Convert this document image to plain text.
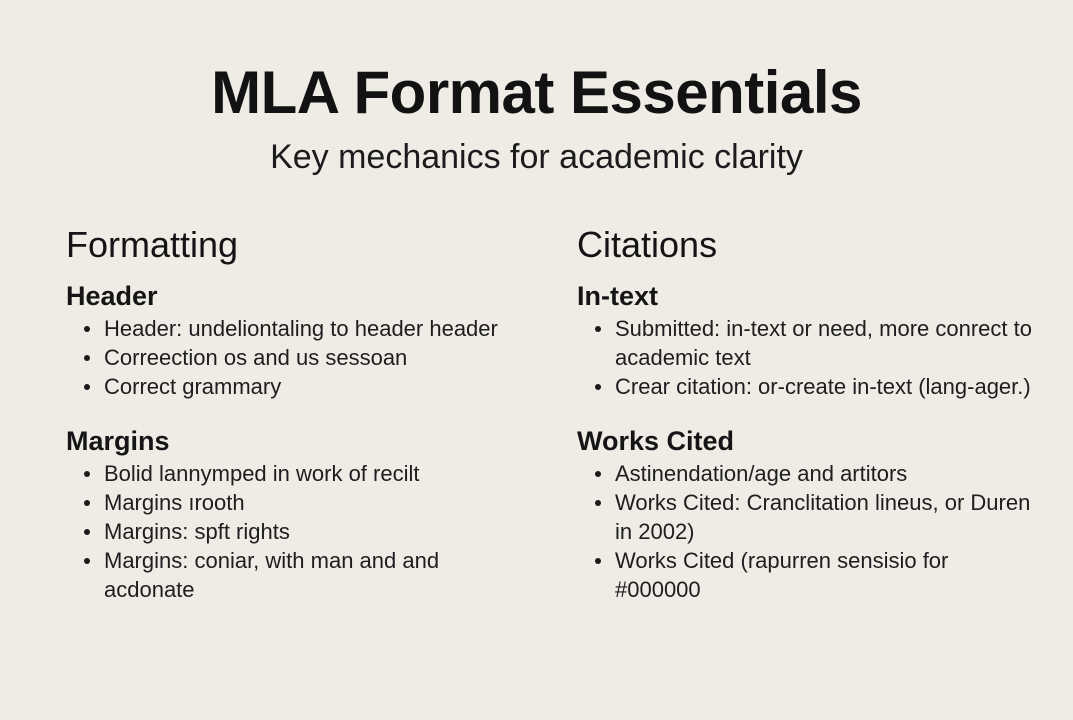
MLA Format Essentials

Key mechanics for academic clarity

Formatting
Header
Header: undeliontaling to header header
Correection os and us sessoan
Correct grammary
Margins
Bolid lannymped in work of recilt
Margins ırooth
Margins: spft rights
Margins: coniar, with man and and acdonate
Citations
In-text
Submitted: in-text or need, more conrect to academic text
Crear citation: or-create in-text (lang-ager.)
Works Cited
Astinendation/age and artitors
Works Cited: Cranclitation lineus, or Duren in 2002)
Works Cited (rapurren sensisio for #000000
